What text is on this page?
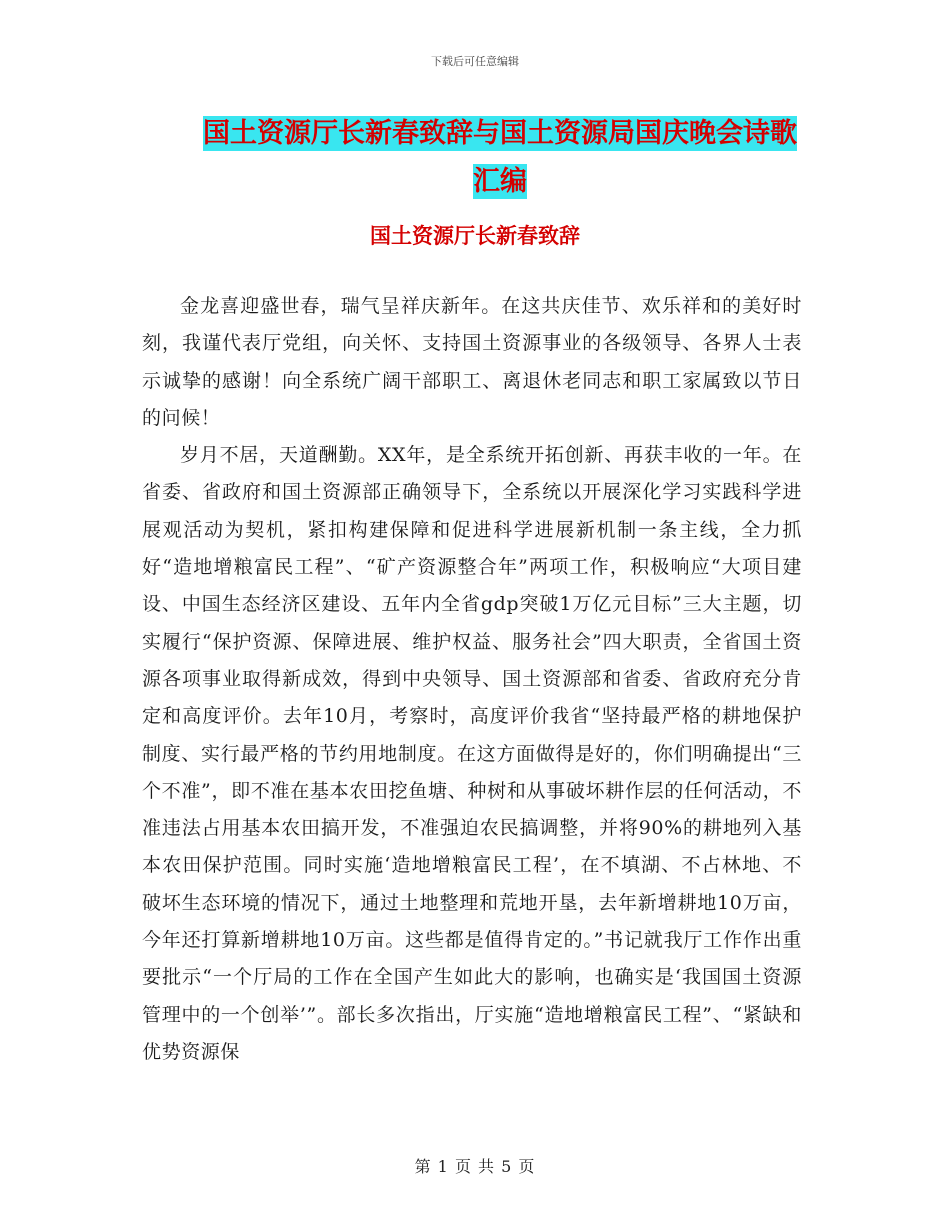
下载后可任意编辑
国土资源厅长新春致辞与国土资源局国庆晚会诗歌汇编
国土资源厅长新春致辞

金龙喜迎盛世春，瑞气呈祥庆新年。在这共庆佳节、欢乐祥和的美好时刻，我谨代表厅党组，向关怀、支持国土资源事业的各级领导、各界人士表示诚挚的感谢！向全系统广阔干部职工、离退休老同志和职工家属致以节日的问候！

岁月不居，天道酬勤。XX年，是全系统开拓创新、再获丰收的一年。在省委、省政府和国土资源部正确领导下，全系统以开展深化学习实践科学进展观活动为契机，紧扣构建保障和促进科学进展新机制一条主线，全力抓好“造地增粮富民工程”、“矿产资源整合年”两项工作，积极响应“大项目建设、中国生态经济区建设、五年内全省gdp突破1万亿元目标”三大主题，切实履行“保护资源、保障进展、维护权益、服务社会”四大职责，全省国土资源各项事业取得新成效，得到中央领导、国土资源部和省委、省政府充分肯定和高度评价。去年10月，考察时，高度评价我省“坚持最严格的耕地保护制度、实行最严格的节约用地制度。在这方面做得是好的，你们明确提出“三个不准”，即不准在基本农田挖鱼塘、种树和从事破坏耕作层的任何活动，不准违法占用基本农田搞开发，不准强迫农民搞调整，并将90%的耕地列入基本农田保护范围。同时实施‘造地增粮富民工程’，在不填湖、不占林地、不破坏生态环境的情况下，通过土地整理和荒地开垦，去年新增耕地10万亩，今年还打算新增耕地10万亩。这些都是值得肯定的。”书记就我厅工作作出重要批示“一个厅局的工作在全国产生如此大的影响，也确实是‘我国国土资源管理中的一个创举’”。部长多次指出，厅实施“造地增粮富民工程”、“紧缺和优势资源保

第 1 页 共 5 页
